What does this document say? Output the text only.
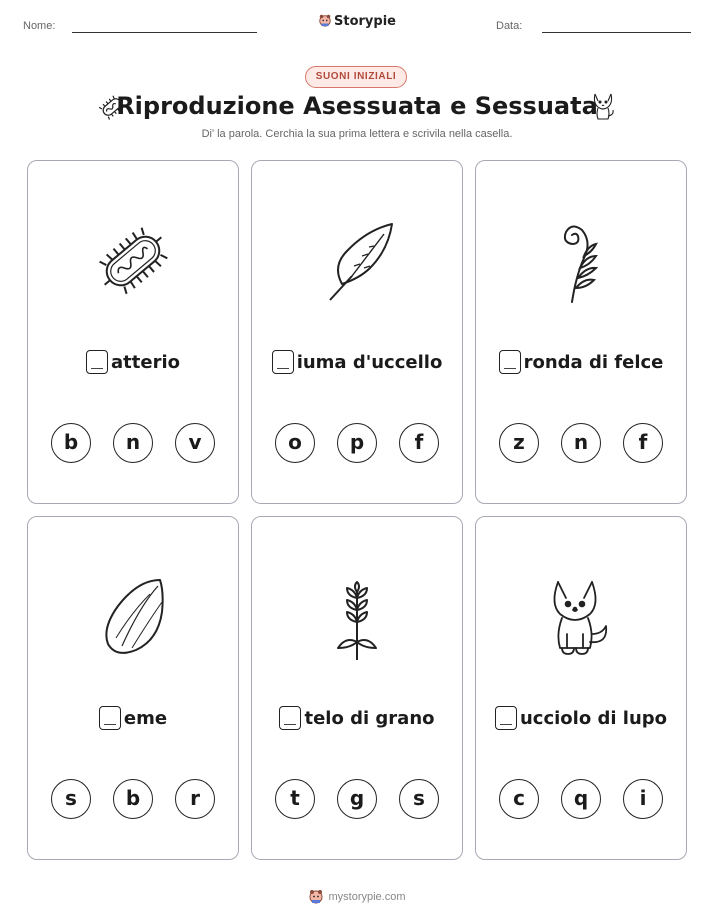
Nome:	Storypie	Data:
SUONI INIZIALI
Riproduzione Asessuata e Sessuata
Di' la parola. Cerchia la sua prima lettera e scrivila nella casella.
atterio
b	n	v
iuma d'uccello
o	p	f
ronda di felce
z	n	f
eme
s	b	r
telo di grano
t	g	s
ucciolo di lupo
c	q	i
mystorypie.com
